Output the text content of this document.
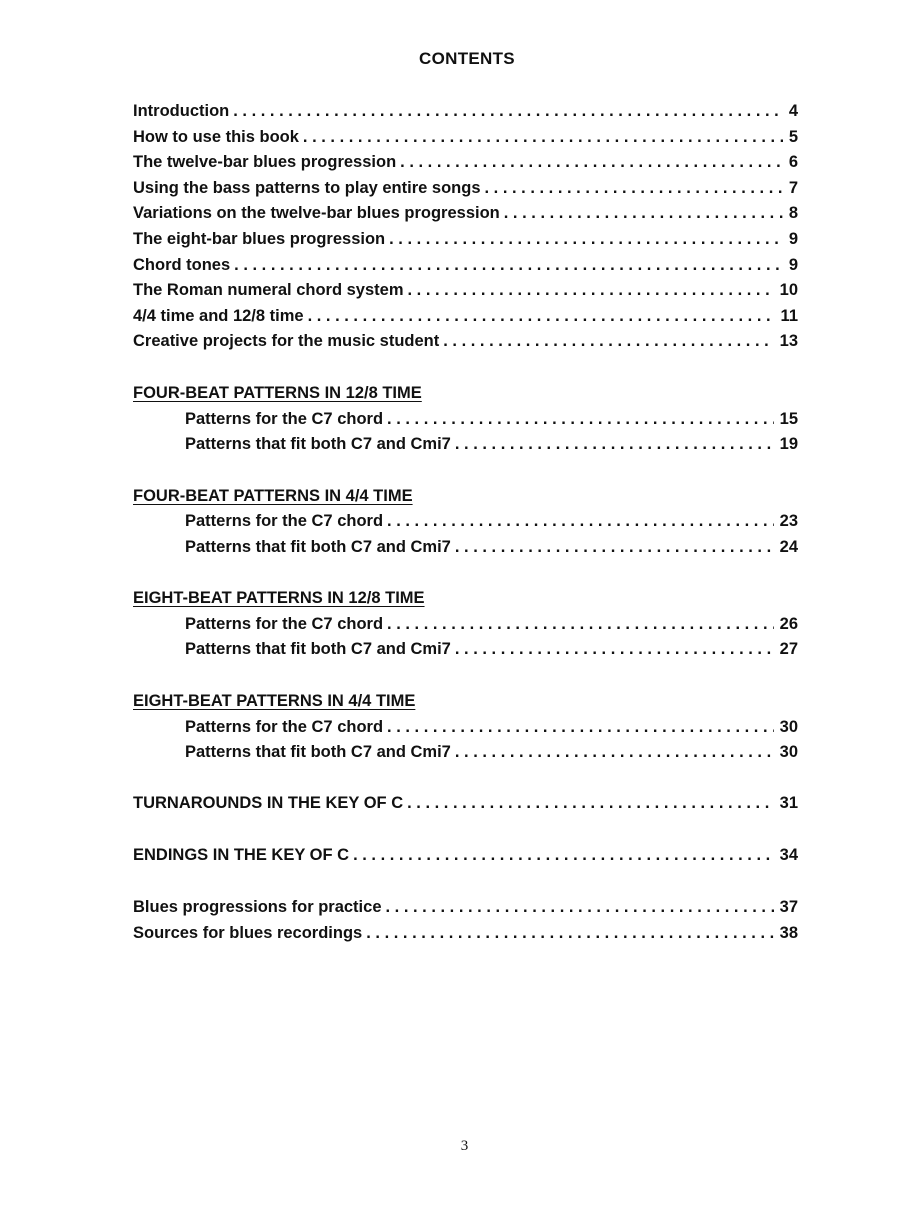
CONTENTS
Introduction . . .	4
How to use this book . . .	5
The twelve-bar blues progression . . .	6
Using the bass patterns to play entire songs . . .	7
Variations on the twelve-bar blues progression . . .	8
The eight-bar blues progression . . .	9
Chord tones . . .	9
The Roman numeral chord system . . .	10
4/4 time and 12/8 time . . .	11
Creative projects for the music student . . .	13
FOUR-BEAT PATTERNS IN 12/8 TIME
Patterns for the C7 chord . . .	15
Patterns that fit both C7 and Cmi7 . . .	19
FOUR-BEAT PATTERNS IN 4/4 TIME
Patterns for the C7 chord . . .	23
Patterns that fit both C7 and Cmi7 . . .	24
EIGHT-BEAT PATTERNS IN 12/8 TIME
Patterns for the C7 chord . . .	26
Patterns that fit both C7 and Cmi7 . . .	27
EIGHT-BEAT PATTERNS IN 4/4 TIME
Patterns for the C7 chord . . .	30
Patterns that fit both C7 and Cmi7 . . .	30
TURNAROUNDS IN THE KEY OF C . . .	31
ENDINGS IN THE KEY OF C . . .	34
Blues progressions for practice . . .	37
Sources for blues recordings . . .	38
3
